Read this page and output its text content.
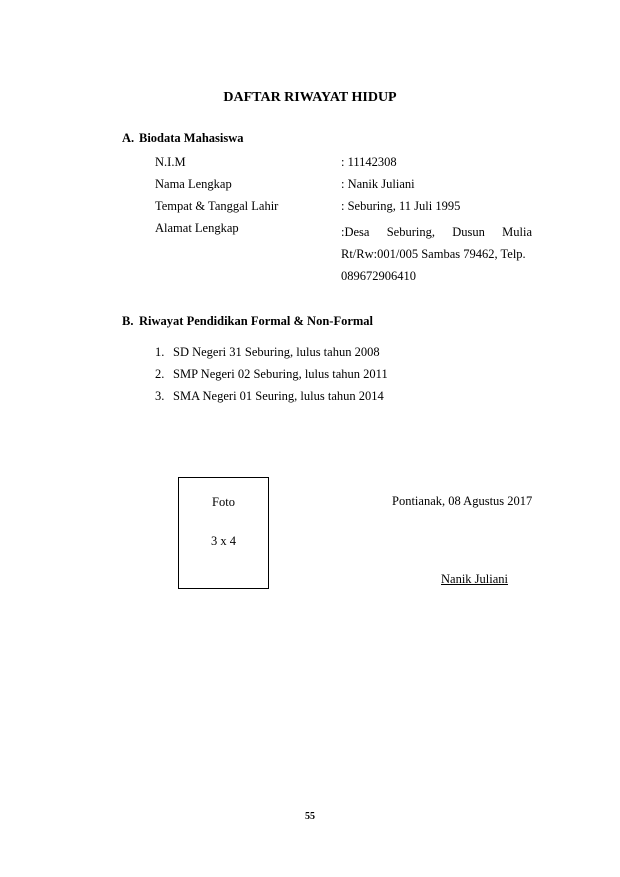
DAFTAR RIWAYAT HIDUP
A. Biodata Mahasiswa
N.I.M	: 11142308
Nama Lengkap	: Nanik Juliani
Tempat & Tanggal Lahir	: Seburing, 11 Juli 1995
Alamat Lengkap	:Desa Seburing, Dusun Mulia
Rt/Rw:001/005 Sambas 79462, Telp.
089672906410
B. Riwayat Pendidikan Formal & Non-Formal
1. SD Negeri 31 Seburing, lulus tahun 2008
2. SMP Negeri 02 Seburing, lulus tahun 2011
3. SMA Negeri 01 Seuring, lulus tahun 2014
Foto
3 x 4
Pontianak, 08 Agustus 2017
Nanik Juliani
55
